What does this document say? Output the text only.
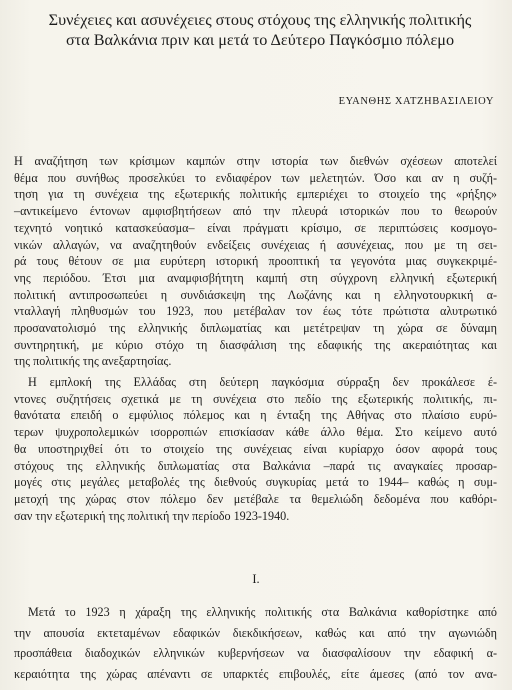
Συνέχειες και ασυνέχειες στους στόχους της ελληνικής πολιτικής
στα Βαλκάνια πριν και μετά το Δεύτερο Παγκόσμιο πόλεμο
ΕΥΑΝΘΗΣ ΧΑΤΖΗΒΑΣΙΛΕΙΟΥ
Η αναζήτηση των κρίσιμων καμπών στην ιστορία των διεθνών σχέσεων αποτελεί
θέμα που συνήθως προσελκύει το ενδιαφέρον των μελετητών. Όσο και αν η συζή-
τηση για τη συνέχεια της εξωτερικής πολιτικής εμπεριέχει το στοιχείο της «ρήξης»
–αντικείμενο έντονων αμφισβητήσεων από την πλευρά ιστορικών που το θεωρούν
τεχνητό νοητικό κατασκεύασμα– είναι πράγματι κρίσιμο, σε περιπτώσεις κοσμογο-
νικών αλλαγών, να αναζητηθούν ενδείξεις συνέχειας ή ασυνέχειας, που με τη σει-
ρά τους θέτουν σε μια ευρύτερη ιστορική προοπτική τα γεγονότα μιας συγκεκριμέ-
νης περιόδου. Έτσι μια αναμφισβήτητη καμπή στη σύγχρονη ελληνική εξωτερική
πολιτική αντιπροσωπεύει η συνδιάσκεψη της Λωζάνης και η ελληνοτουρκική α-
νταλλαγή πληθυσμών του 1923, που μετέβαλαν τον έως τότε πρώτιστα αλυτρωτικό
προσανατολισμό της ελληνικής διπλωματίας και μετέτρεψαν τη χώρα σε δύναμη
συντηρητική, με κύριο στόχο τη διασφάλιση της εδαφικής της ακεραιότητας και
της πολιτικής της ανεξαρτησίας.
Η εμπλοκή της Ελλάδας στη δεύτερη παγκόσμια σύρραξη δεν προκάλεσε έ-
ντονες συζητήσεις σχετικά με τη συνέχεια στο πεδίο της εξωτερικής πολιτικής, πι-
θανότατα επειδή ο εμφύλιος πόλεμος και η ένταξη της Αθήνας στο πλαίσιο ευρύ-
τερων ψυχροπολεμικών ισορροπιών επισκίασαν κάθε άλλο θέμα. Στο κείμενο αυτό
θα υποστηριχθεί ότι το στοιχείο της συνέχειας είναι κυρίαρχο όσον αφορά τους
στόχους της ελληνικής διπλωματίας στα Βαλκάνια –παρά τις αναγκαίες προσαρ-
μογές στις μεγάλες μεταβολές της διεθνούς συγκυρίας μετά το 1944– καθώς η συμ-
μετοχή της χώρας στον πόλεμο δεν μετέβαλε τα θεμελιώδη δεδομένα που καθόρι-
σαν την εξωτερική της πολιτική την περίοδο 1923-1940.
Μετά το 1923 η χάραξη της ελληνικής πολιτικής στα Βαλκάνια καθορίστηκε από
την απουσία εκτεταμένων εδαφικών διεκδικήσεων, καθώς και από την αγωνιώδη
προσπάθεια διαδοχικών ελληνικών κυβερνήσεων να διασφαλίσουν την εδαφική α-
κεραιότητα της χώρας απέναντι σε υπαρκτές επιβουλές, είτε άμεσες (από τον ανα-
I.
